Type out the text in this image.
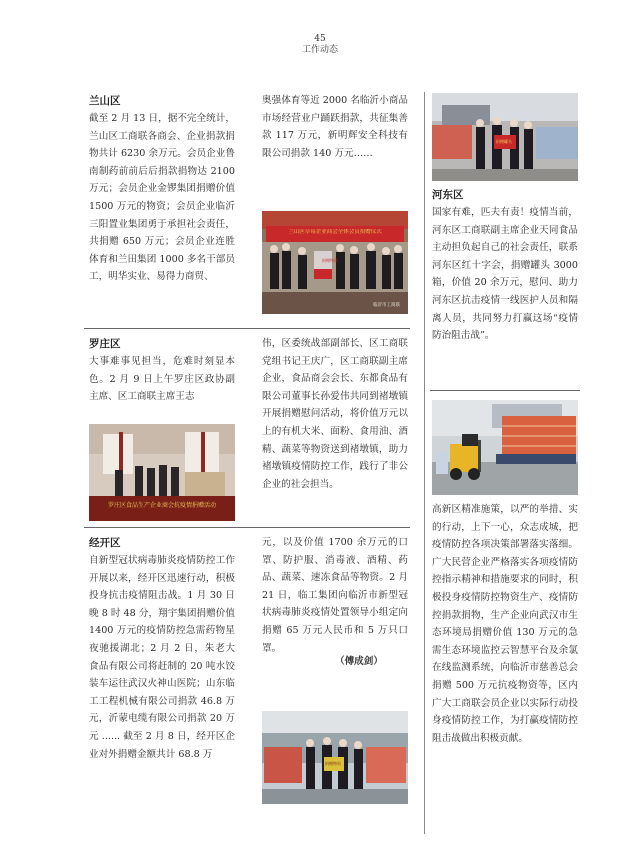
45
工作动态
兰山区

截至 2 月 13 日，据不完全统计，兰山区工商联各商会、企业捐款捐物共计 6230 余万元。会员企业鲁南制药前前后后捐款捐物达 2100 万元；会员企业金锣集团捐赠价值 1500 万元的物资；会员企业临沂三阳置业集团勇于承担社会责任，共捐赠 650 万元；会员企业连胜体育和兰田集团 1000 多名干部员工，明华实业、易得力商贸、

奥强体育等近 2000 名临沂小商品市场经营业户踊跃捐款，共征集善款 117 万元，新明辉安全科技有限公司捐款 140 万元……

兰山区草莓企业商会全体会员捐赠仪式
捐赠物资
临沂市工商联
罗庄区

大事难事见担当，危难时刻显本色。2 月 9 日上午罗庄区政协副主席、区工商联主席王志

罗庄区食品生产企业商会抗疫情捐赠活动

伟，区委统战部副部长、区工商联党组书记王庆广，区工商联副主席企业，食品商会会长、东都食品有限公司董事长孙爱伟共同到褚墩镇开展捐赠慰问活动，将价值万元以上的有机大米、面粉、食用油、酒精、蔬菜等物资送到褚墩镇，助力褚墩镇疫情防控工作，践行了非公企业的社会担当。

经开区

自新型冠状病毒肺炎疫情防控工作开展以来，经开区迅速行动，积极投身抗击疫情阻击战。1 月 30 日晚 8 时 48 分，翔宇集团捐赠价值 1400 万元的疫情防控急需药物星夜驰援湖北；2 月 2 日，朱老大食品有限公司将赶制的 20 吨水饺装车运往武汉火神山医院；山东临工工程机械有限公司捐款 46.8 万元，沂蒙电缆有限公司捐款 20 万元 ...... 截至 2 月 8 日，经开区企业对外捐赠金额共计 68.8 万

元，以及价值 1700 余万元的口罩、防护服、消毒液、酒精、药品、蔬菜、速冻食品等物资。2 月 21 日，临工集团向临沂市新型冠状病毒肺炎疫情处置领导小组定向捐赠 65 万元人民币和 5 万只口罩。

（傅成剑）
捐赠物资
捐赠罐头
河东区

国家有难，匹夫有责！疫情当前，河东区工商联副主席企业天同食品主动担负起自己的社会责任，联系河东区红十字会，捐赠罐头 3000 箱，价值 20 余万元，慰问、助力河东区抗击疫情一线医护人员和隔离人员，共同努力打赢这场“疫情防治阻击战”。

高新区精准施策，以严的举措、实的行动，上下一心，众志成城，把疫情防控各项决策部署落实落细。广大民营企业严格落实各项疫情防控指示精神和措施要求的同时，积极投身疫情防控物资生产、疫情防控捐款捐物，生产企业向武汉市生态环境局捐赠价值 130 万元的急需生态环境监控云智慧平台及余氯在线监测系统，向临沂市慈善总会捐赠 500 万元抗疫物资等，区内广大工商联会员企业以实际行动投身疫情防控工作，为打赢疫情防控阻击战做出积极贡献。
